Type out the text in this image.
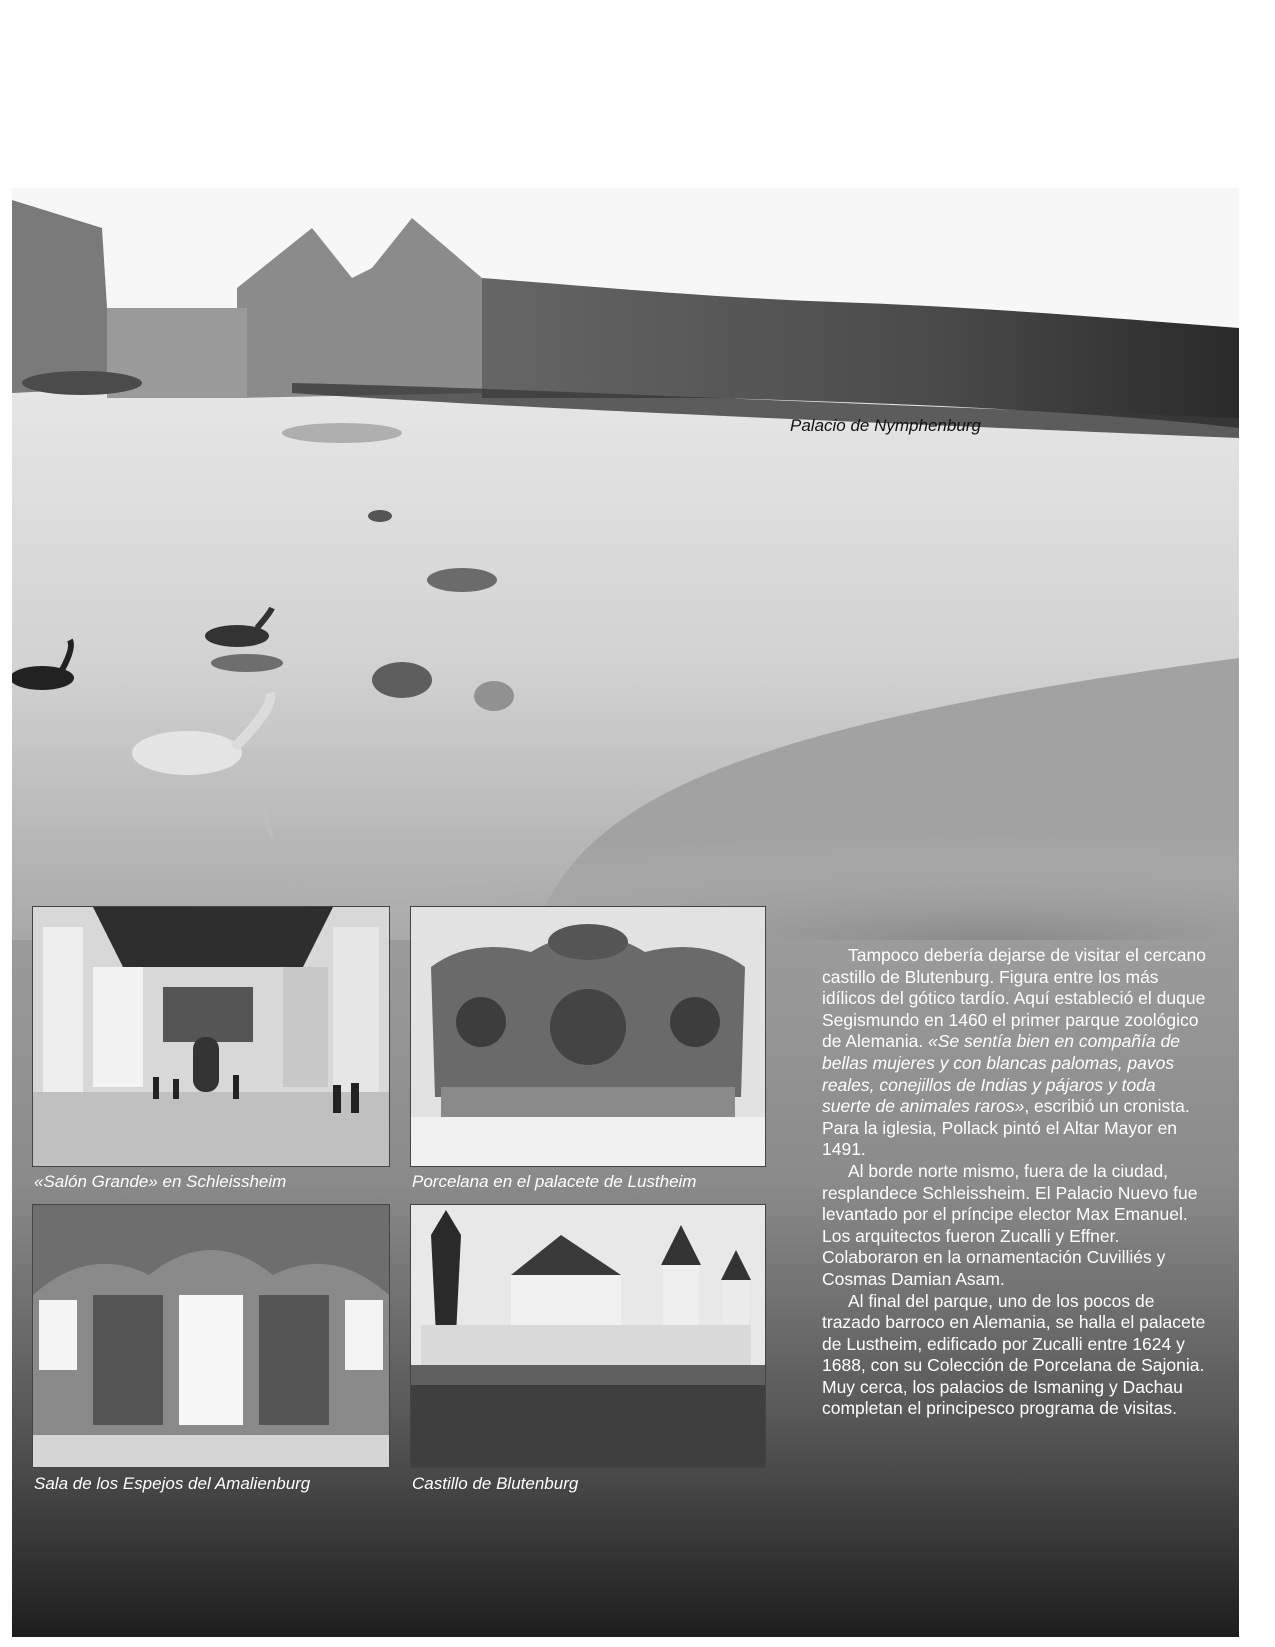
Palacio de Nymphenburg
«Salón Grande» en Schleissheim	Porcelana en el palacete de Lustheim
Sala de los Espejos del Amalienburg	Castillo de Blutenburg

Tampoco debería dejarse de visitar el cercano castillo de Blutenburg. Figura entre los más idílicos del gótico tardío. Aquí estableció el duque Segismundo en 1460 el primer parque zoológico de Alemania. «Se sentía bien en compañía de bellas mujeres y con blancas palomas, pavos reales, conejillos de Indias y pájaros y toda suerte de animales raros», escribió un cronista. Para la iglesia, Pollack pintó el Altar Mayor en 1491.

Al borde norte mismo, fuera de la ciudad, resplandece Schleissheim. El Palacio Nuevo fue levantado por el príncipe elector Max Emanuel. Los arquitectos fueron Zucalli y Effner. Colaboraron en la ornamentación Cuvilliés y Cosmas Damian Asam.

Al final del parque, uno de los pocos de trazado barroco en Alemania, se halla el palacete de Lustheim, edificado por Zucalli entre 1624 y 1688, con su Colección de Porcelana de Sajonia. Muy cerca, los palacios de Ismaning y Dachau completan el principesco programa de visitas.
